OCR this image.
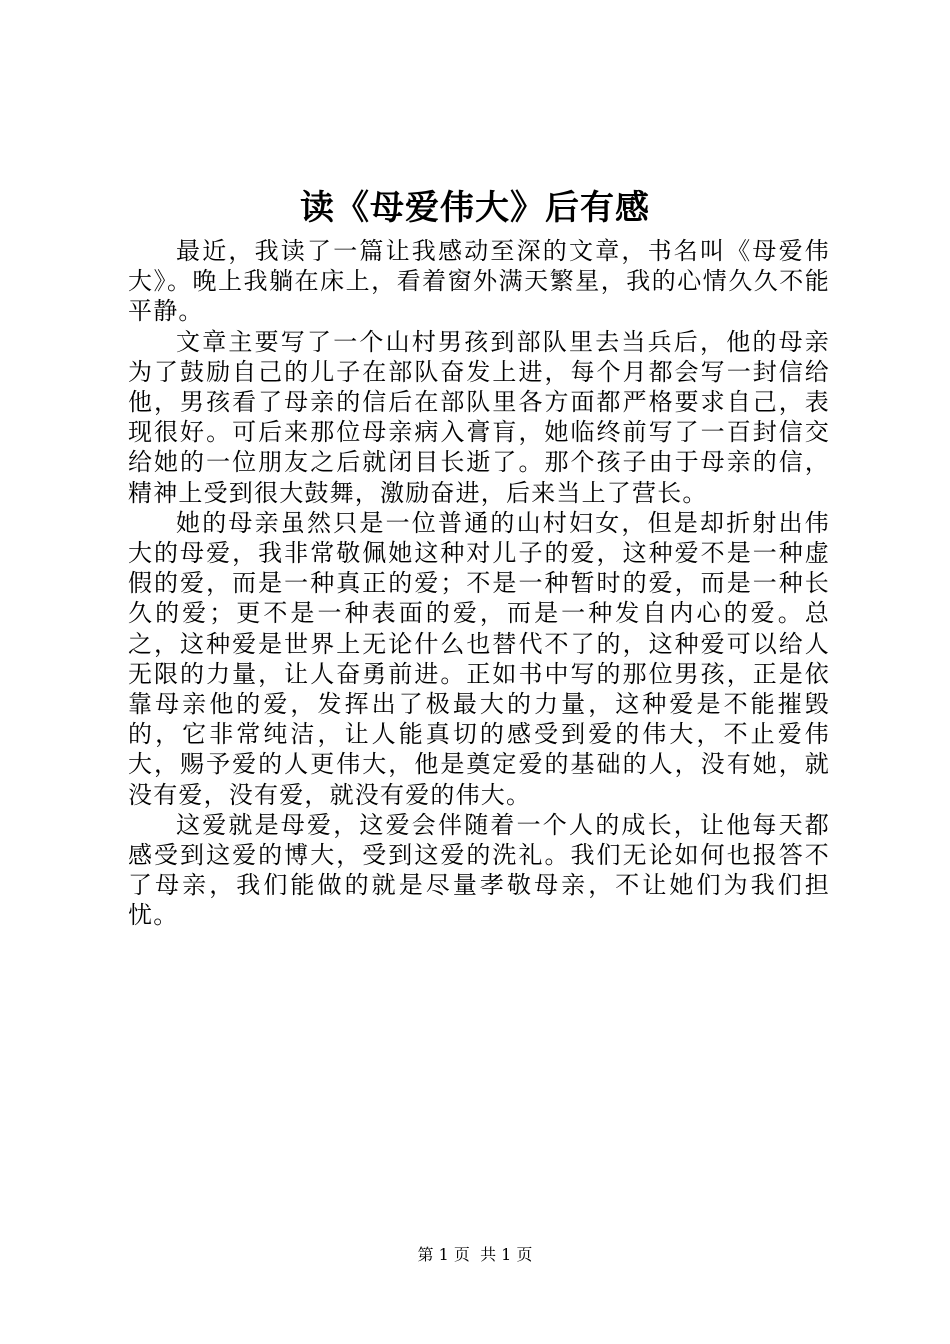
读《母爱伟大》后有感

最近，我读了一篇让我感动至深的文章，书名叫《母爱伟大》。晚上我躺在床上，看着窗外满天繁星，我的心情久久不能平静。

文章主要写了一个山村男孩到部队里去当兵后，他的母亲为了鼓励自己的儿子在部队奋发上进，每个月都会写一封信给他，男孩看了母亲的信后在部队里各方面都严格要求自己，表现很好。可后来那位母亲病入膏肓，她临终前写了一百封信交给她的一位朋友之后就闭目长逝了。那个孩子由于母亲的信，精神上受到很大鼓舞，激励奋进，后来当上了营长。

她的母亲虽然只是一位普通的山村妇女，但是却折射出伟大的母爱，我非常敬佩她这种对儿子的爱，这种爱不是一种虚假的爱，而是一种真正的爱；不是一种暂时的爱，而是一种长久的爱；更不是一种表面的爱，而是一种发自内心的爱。总之，这种爱是世界上无论什么也替代不了的，这种爱可以给人无限的力量，让人奋勇前进。正如书中写的那位男孩，正是依靠母亲他的爱，发挥出了极最大的力量，这种爱是不能摧毁的，它非常纯洁，让人能真切的感受到爱的伟大，不止爱伟大，赐予爱的人更伟大，他是奠定爱的基础的人，没有她，就没有爱，没有爱，就没有爱的伟大。

这爱就是母爱，这爱会伴随着一个人的成长，让他每天都感受到这爱的博大，受到这爱的洗礼。我们无论如何也报答不了母亲，我们能做的就是尽量孝敬母亲，不让她们为我们担忧。

第 1 页  共 1 页
